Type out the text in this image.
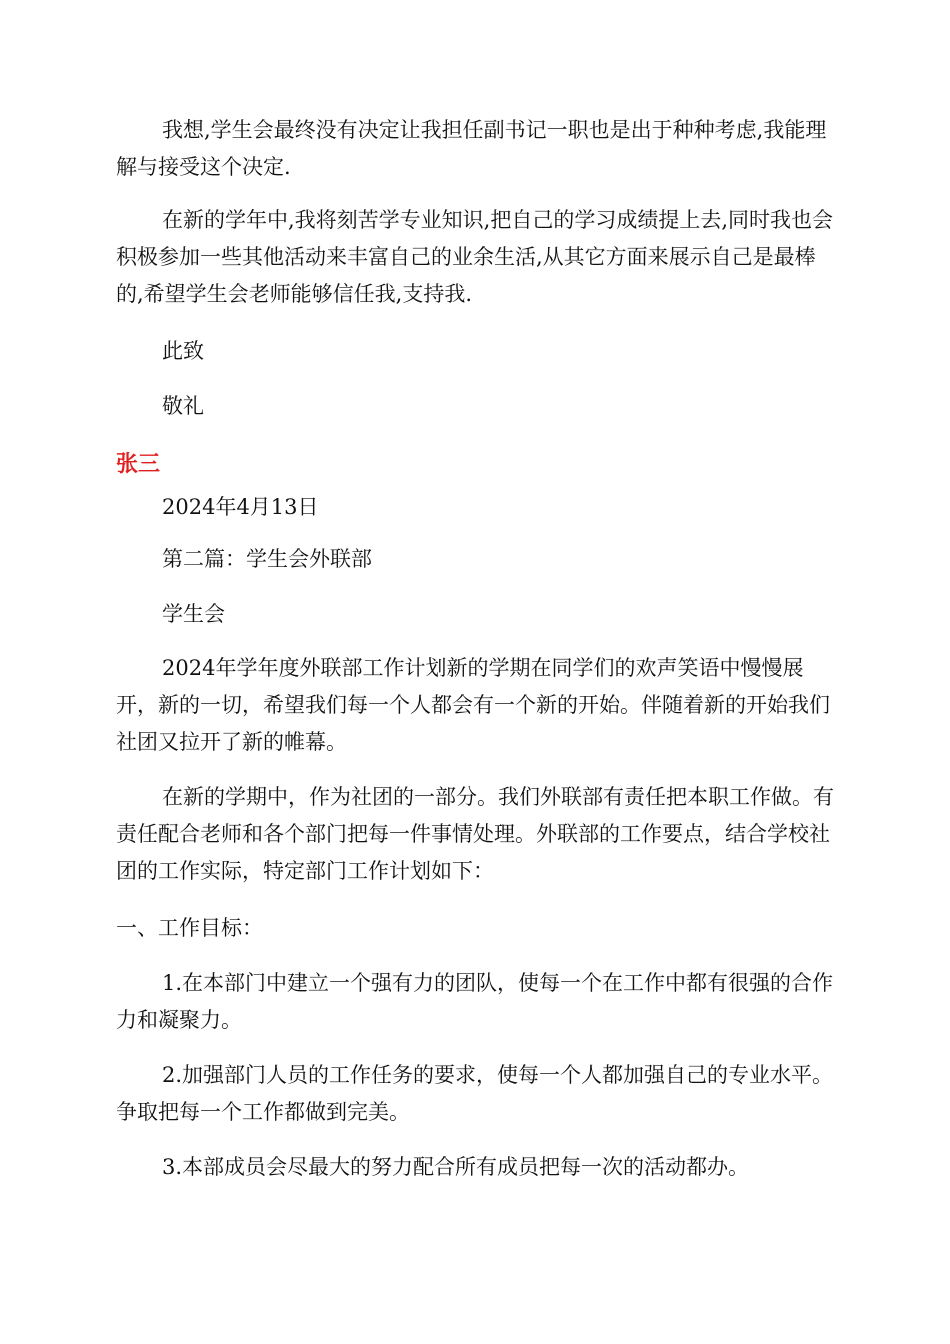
我想,学生会最终没有决定让我担任副书记一职也是出于种种考虑,我能理解与接受这个决定.

在新的学年中,我将刻苦学专业知识,把自己的学习成绩提上去,同时我也会积极参加一些其他活动来丰富自己的业余生活,从其它方面来展示自己是最棒的,希望学生会老师能够信任我,支持我.

此致

敬礼

张三

2024年4月13日

第二篇：学生会外联部

学生会

2024年学年度外联部工作计划新的学期在同学们的欢声笑语中慢慢展开，新的一切，希望我们每一个人都会有一个新的开始。伴随着新的开始我们社团又拉开了新的帷幕。

在新的学期中，作为社团的一部分。我们外联部有责任把本职工作做。有责任配合老师和各个部门把每一件事情处理。外联部的工作要点，结合学校社团的工作实际，特定部门工作计划如下：

一、工作目标：

1.在本部门中建立一个强有力的团队，使每一个在工作中都有很强的合作力和凝聚力。

2.加强部门人员的工作任务的要求，使每一个人都加强自己的专业水平。争取把每一个工作都做到完美。

3.本部成员会尽最大的努力配合所有成员把每一次的活动都办。
